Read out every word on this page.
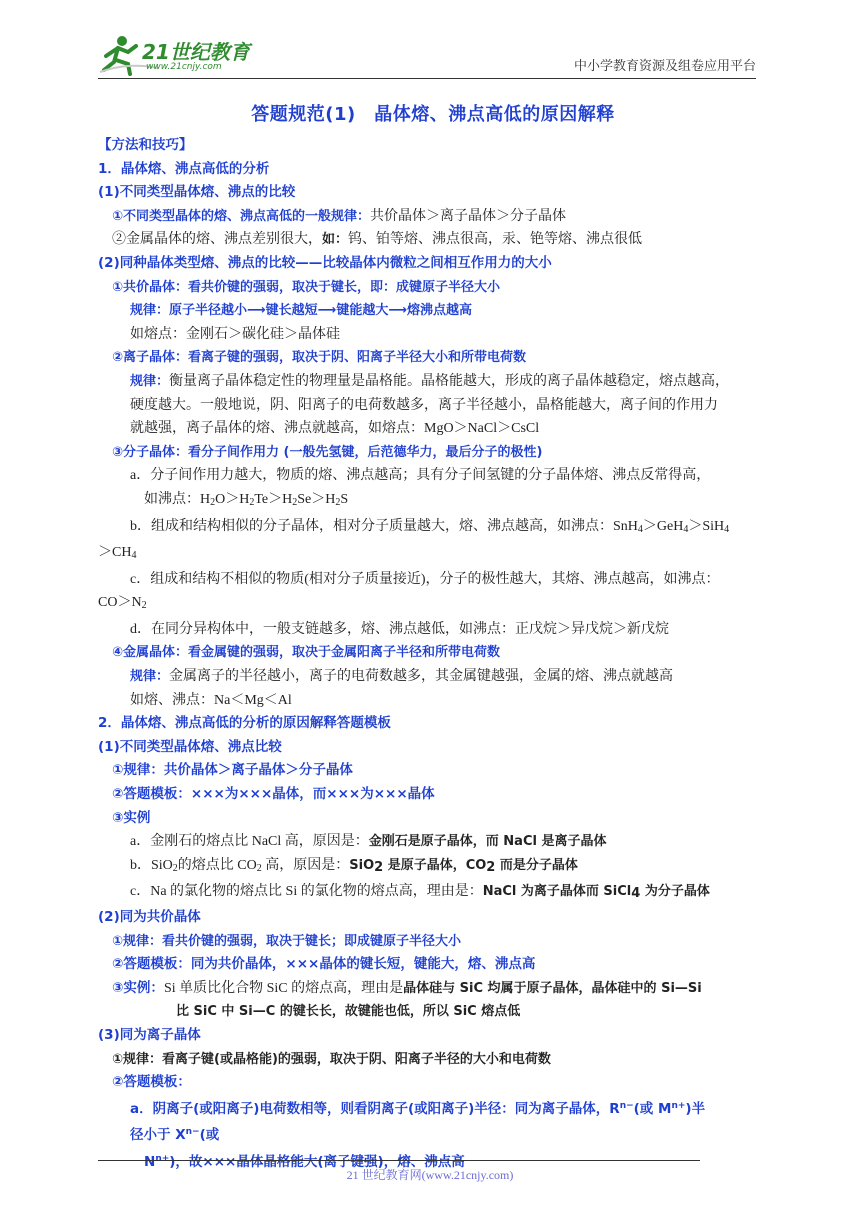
21世纪教育
www.21cnjy.com	中小学教育资源及组卷应用平台
答题规范(1)　晶体熔、沸点高低的原因解释
【方法和技巧】
1．晶体熔、沸点高低的分析
(1)不同类型晶体熔、沸点的比较
①不同类型晶体的熔、沸点高低的一般规律：共价晶体＞离子晶体＞分子晶体
②金属晶体的熔、沸点差别很大，如：钨、铂等熔、沸点很高，汞、铯等熔、沸点很低
(2)同种晶体类型熔、沸点的比较——比较晶体内微粒之间相互作用力的大小
①共价晶体：看共价键的强弱，取决于键长，即：成键原子半径大小
规律：原子半径越小⟶键长越短⟶键能越大⟶熔沸点越高
如熔点：金刚石＞碳化硅＞晶体硅
②离子晶体：看离子键的强弱，取决于阴、阳离子半径大小和所带电荷数
规律：衡量离子晶体稳定性的物理量是晶格能。晶格能越大，形成的离子晶体越稳定，熔点越高，
硬度越大。一般地说，阴、阳离子的电荷数越多，离子半径越小，晶格能越大，离子间的作用力
就越强，离子晶体的熔、沸点就越高，如熔点：MgO＞NaCl＞CsCl
③分子晶体：看分子间作用力 (一般先氢键，后范德华力，最后分子的极性)
a．分子间作用力越大，物质的熔、沸点越高；具有分子间氢键的分子晶体熔、沸点反常得高，
如沸点：$H_2O>H_2Te>H_2Se>H_2S$
b．组成和结构相似的分子晶体，相对分子质量越大，熔、沸点越高，如沸点：SnH$_4$＞GeH$_4$＞SiH$_4$
$>CH_4$
c．组成和结构不相似的物质(相对分子质量接近)，分子的极性越大，其熔、沸点越高，如沸点：
$CO>N_2$
d．在同分异构体中，一般支链越多，熔、沸点越低，如沸点：正戊烷＞异戊烷＞新戊烷
④金属晶体：看金属键的强弱，取决于金属阳离子半径和所带电荷数
规律：金属离子的半径越小，离子的电荷数越多，其金属键越强，金属的熔、沸点就越高
如熔、沸点：Na＜Mg＜Al
2．晶体熔、沸点高低的分析的原因解释答题模板
(1)不同类型晶体熔、沸点比较
①规律：共价晶体＞离子晶体＞分子晶体
②答题模板：×××为×××晶体，而×××为×××晶体
③实例
a．金刚石的熔点比 NaCl 高，原因是：金刚石是原子晶体，而 NaCl 是离子晶体
b．SiO$_2$的熔点比 $CO_2$ 高，原因是：SiO$_2$ 是原子晶体，$CO_2$ 而是分子晶体
c．Na 的氯化物的熔点比 Si 的氯化物的熔点高，理由是：NaCl 为离子晶体而 SiCl$_4$ 为分子晶体
(2)同为共价晶体
①规律：看共价键的强弱，取决于键长；即成键原子半径大小
②答题模板：同为共价晶体，×××晶体的键长短，键能大，熔、沸点高
③实例：Si 单质比化合物 SiC 的熔点高，理由是晶体硅与 SiC 均属于原子晶体，晶体硅中的 Si—Si
比 SiC 中 Si—C 的键长长，故键能也低，所以 SiC 熔点低
(3)同为离子晶体
①规律：看离子键(或晶格能)的强弱，取决于阴、阳离子半径的大小和电荷数
②答题模板：
a．阴离子(或阳离子)电荷数相等，则看阴离子(或阳离子)半径：同为离子晶体，$R^{n-}$(或 $M^{n+}$)半
径小于 $X^{n-}$(或
$N^{n+}$)，故×××晶体晶格能大(离子键强)，熔、沸点高
21 世纪教育网(www.21cnjy.com)
